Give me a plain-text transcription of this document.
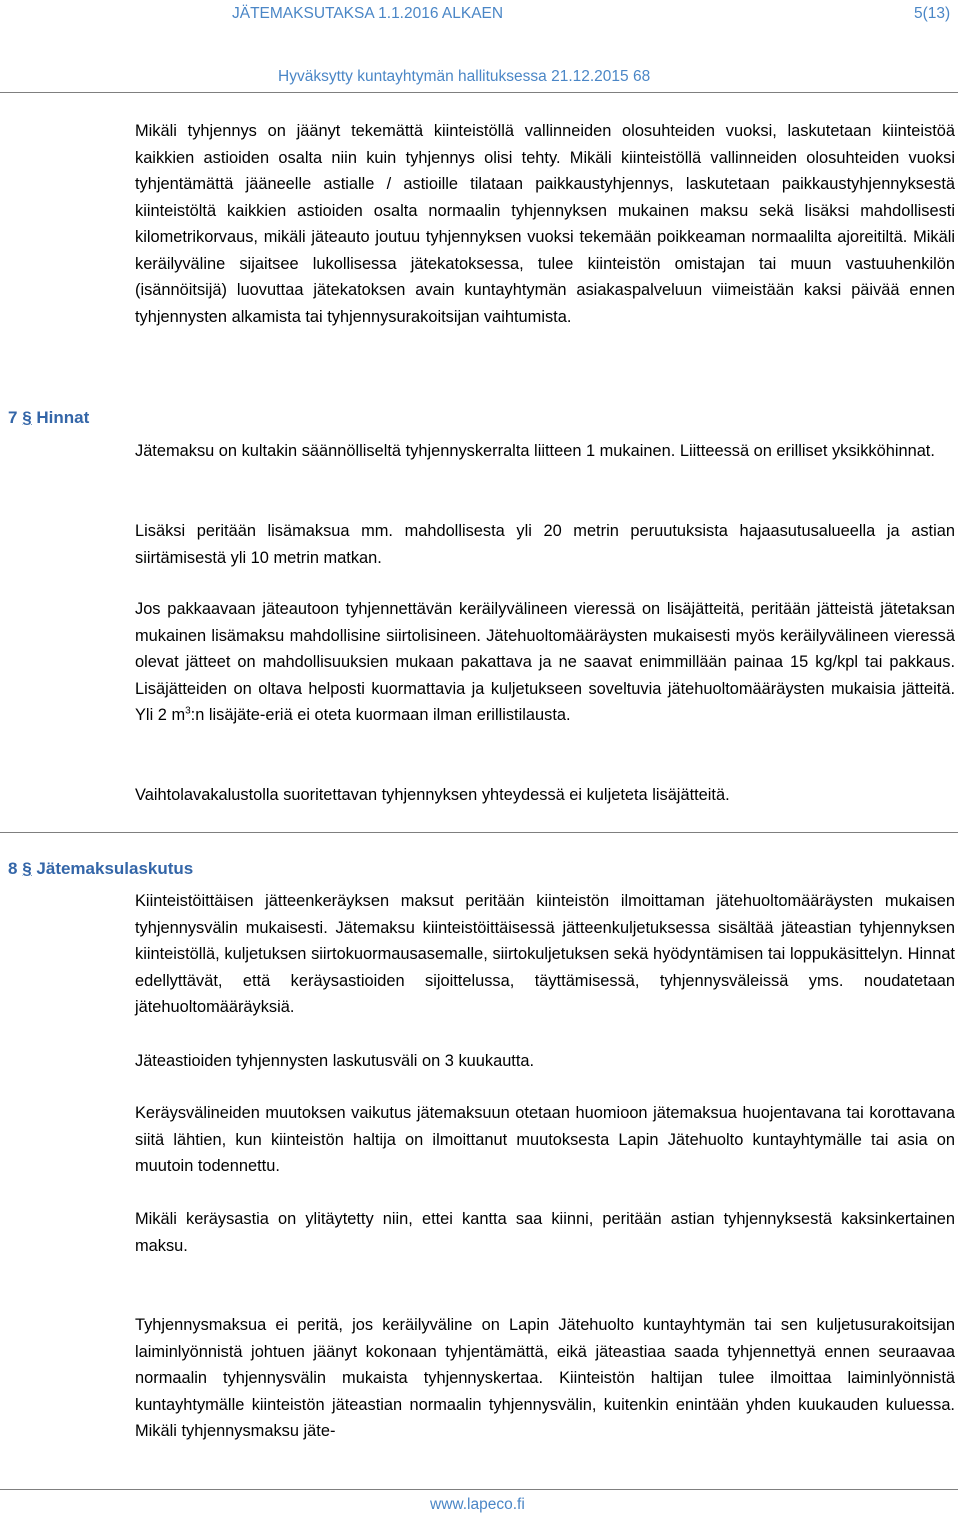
JÄTEMAKSUTAKSA 1.1.2016 ALKAEN	5(13)
Hyväksytty kuntayhtymän hallituksessa 21.12.2015 68

Mikäli tyhjennys on jäänyt tekemättä kiinteistöllä vallinneiden olosuhteiden vuoksi, laskutetaan kiinteistöä kaikkien astioiden osalta niin kuin tyhjennys olisi tehty. Mikäli kiinteistöllä vallinneiden olosuhteiden vuoksi tyhjentämättä jääneelle astialle / astioille tilataan paikkaustyhjennys, laskutetaan paikkaustyhjennyksestä kiinteistöltä kaikkien astioiden osalta normaalin tyhjennyksen mukainen maksu sekä lisäksi mahdollisesti kilometrikorvaus, mikäli jäteauto joutuu tyhjennyksen vuoksi tekemään poikkeaman normaalilta ajoreitiltä. Mikäli keräilyväline sijaitsee lukollisessa jätekatoksessa, tulee kiinteistön omistajan tai muun vastuuhenkilön (isännöitsijä) luovuttaa jätekatoksen avain kuntayhtymän asiakaspalveluun viimeistään kaksi päivää ennen tyhjennysten alkamista tai tyhjennysurakoitsijan vaihtumista.

7 § Hinnat

Jätemaksu on kultakin säännölliseltä tyhjennyskerralta liitteen 1 mukainen. Liitteessä on erilliset yksikköhinnat.

Lisäksi peritään lisämaksua mm. mahdollisesta yli 20 metrin peruutuksista hajaasutusalueella ja astian siirtämisestä yli 10 metrin matkan.

Jos pakkaavaan jäteautoon tyhjennettävän keräilyvälineen vieressä on lisäjätteitä, peritään jätteistä jätetaksan mukainen lisämaksu mahdollisine siirtolisineen. Jätehuoltomääräysten mukaisesti myös keräilyvälineen vieressä olevat jätteet on mahdollisuuksien mukaan pakattava ja ne saavat enimmillään painaa 15 kg/kpl tai pakkaus. Lisäjätteiden on oltava helposti kuormattavia ja kuljetukseen soveltuvia jätehuoltomääräysten mukaisia jätteitä. Yli 2 $m^3:n$ lisäjäte-eriä ei oteta kuormaan ilman erillistilausta.

Vaihtolavakalustolla suoritettavan tyhjennyksen yhteydessä ei kuljeteta lisäjätteitä.

8 § Jätemaksulaskutus

Kiinteistöittäisen jätteenkeräyksen maksut peritään kiinteistön ilmoittaman jätehuoltomääräysten mukaisen tyhjennysvälin mukaisesti. Jätemaksu kiinteistöittäisessä jätteenkuljetuksessa sisältää jäteastian tyhjennyksen kiinteistöllä, kuljetuksen siirtokuormausasemalle, siirtokuljetuksen sekä hyödyntämisen tai loppukäsittelyn. Hinnat edellyttävät, että keräysastioiden sijoittelussa, täyttämisessä, tyhjennysväleissä yms. noudatetaan jätehuoltomääräyksiä.

Jäteastioiden tyhjennysten laskutusväli on 3 kuukautta.

Keräysvälineiden muutoksen vaikutus jätemaksuun otetaan huomioon jätemaksua huojentavana tai korottavana siitä lähtien, kun kiinteistön haltija on ilmoittanut muutoksesta Lapin Jätehuolto kuntayhtymälle tai asia on muutoin todennettu.

Mikäli keräysastia on ylitäytetty niin, ettei kantta saa kiinni, peritään astian tyhjennyksestä kaksinkertainen maksu.

Tyhjennysmaksua ei peritä, jos keräilyväline on Lapin Jätehuolto kuntayhtymän tai sen kuljetusurakoitsijan laiminlyönnistä johtuen jäänyt kokonaan tyhjentämättä, eikä jäteastiaa saada tyhjennettyä ennen seuraavaa normaalin tyhjennysvälin mukaista tyhjennyskertaa. Kiinteistön haltijan tulee ilmoittaa laiminlyönnistä kuntayhtymälle kiinteistön jäteastian normaalin tyhjennysvälin, kuitenkin enintään yhden kuukauden kuluessa. Mikäli tyhjennysmaksu jäte-

www.lapeco.fi
